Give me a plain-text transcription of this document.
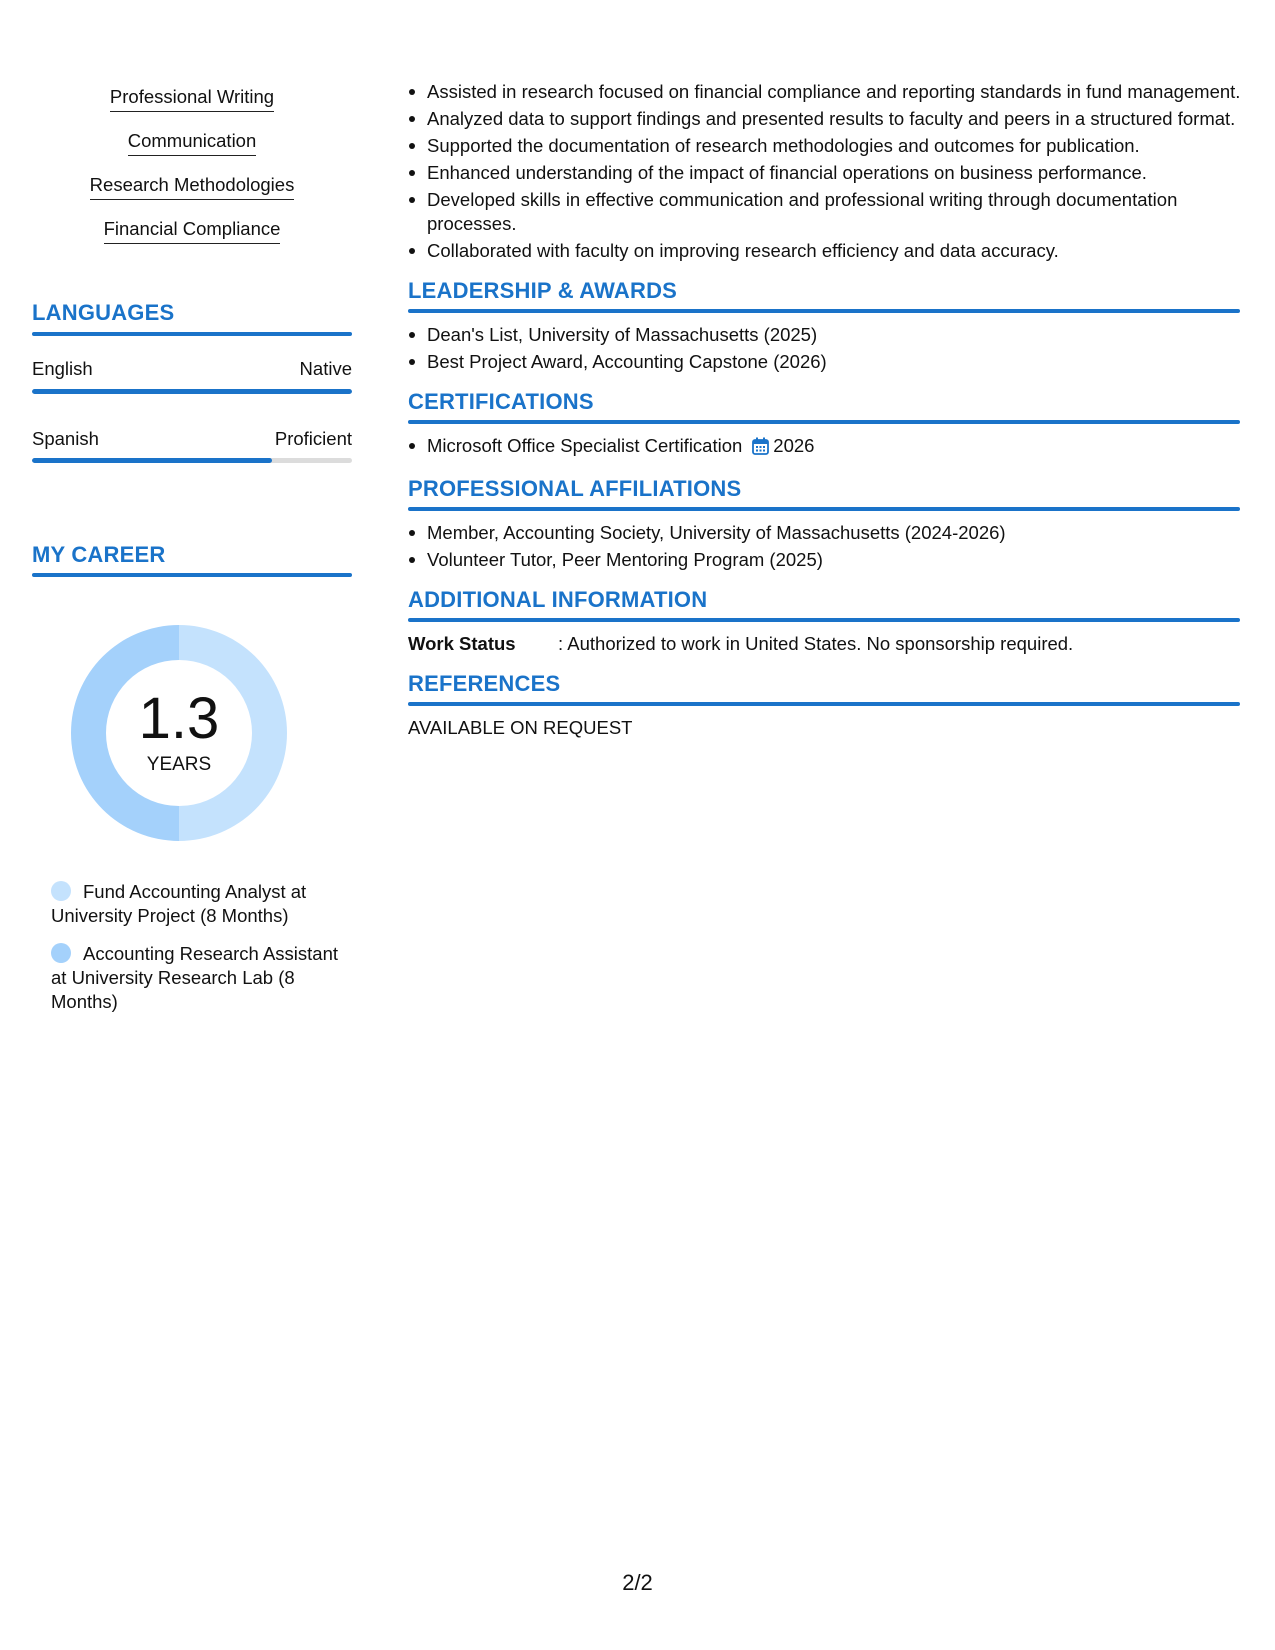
Professional Writing
Communication
Research Methodologies
Financial Compliance
LANGUAGES
English	Native
Spanish	Proficient
MY CAREER
1.3
YEARS
Fund Accounting Analyst at University Project (8 Months)
Accounting Research Assistant at University Research Lab (8 Months)
Assisted in research focused on financial compliance and reporting standards in fund management.
Analyzed data to support findings and presented results to faculty and peers in a structured format.
Supported the documentation of research methodologies and outcomes for publication.
Enhanced understanding of the impact of financial operations on business performance.
Developed skills in effective communication and professional writing through documentation processes.
Collaborated with faculty on improving research efficiency and data accuracy.
LEADERSHIP & AWARDS
Dean's List, University of Massachusetts (2025)
Best Project Award, Accounting Capstone (2026)
CERTIFICATIONS
Microsoft Office Specialist Certification 2026
PROFESSIONAL AFFILIATIONS
Member, Accounting Society, University of Massachusetts (2024-2026)
Volunteer Tutor, Peer Mentoring Program (2025)
ADDITIONAL INFORMATION
Work Status	: Authorized to work in United States. No sponsorship required.
REFERENCES
AVAILABLE ON REQUEST
2/2
